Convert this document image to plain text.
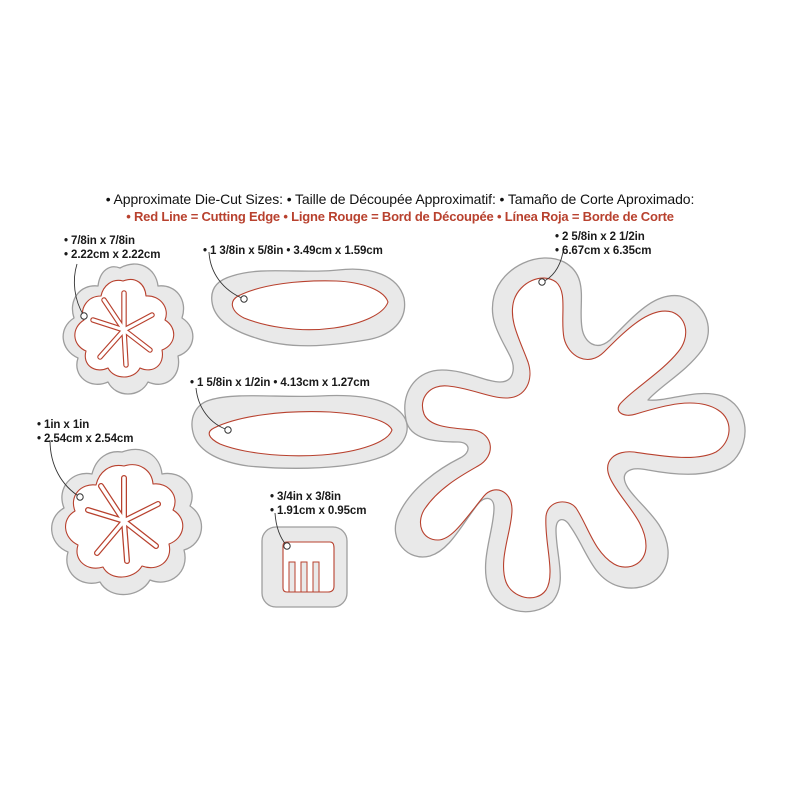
• Approximate Die-Cut Sizes: • Taille de Découpée Approximatif: • Tamaño de Corte Aproximado:
• Red Line = Cutting Edge • Ligne Rouge = Bord de Découpée • Línea Roja = Borde de Corte
• 7/8in x 7/8in
• 2.22cm x 2.22cm
• 1in x 1in
• 2.54cm x 2.54cm
• 1 3/8in x 5/8in • 3.49cm x 1.59cm
• 1 5/8in x 1/2in • 4.13cm x 1.27cm
• 3/4in x 3/8in
• 1.91cm x 0.95cm
• 2 5/8in x 2 1/2in
• 6.67cm x 6.35cm
